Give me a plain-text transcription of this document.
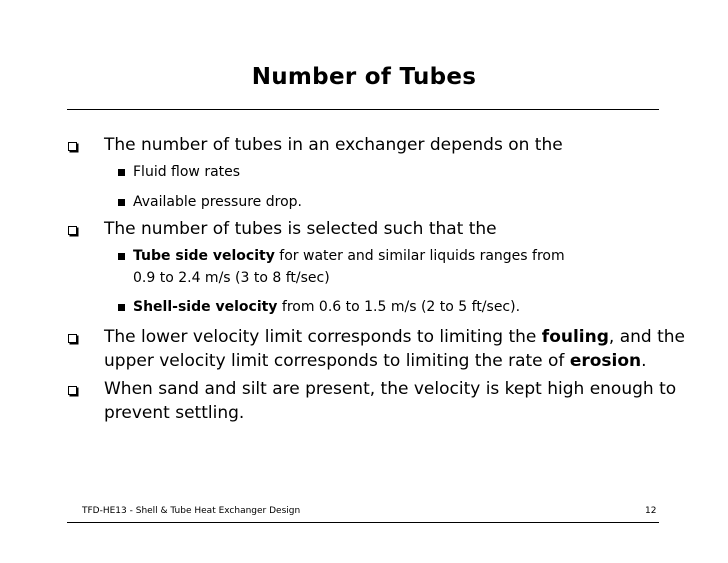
Number of Tubes
The number of tubes in an exchanger depends on the
Fluid flow rates
Available pressure drop.
The number of tubes is selected such that the
Tube side velocity for water and similar liquids ranges from
0.9 to 2.4 m/s (3 to 8 ft/sec)
Shell-side velocity from 0.6 to 1.5 m/s (2 to 5 ft/sec).
The lower velocity limit corresponds to limiting the fouling, and the
upper velocity limit corresponds to limiting the rate of erosion.
When sand and silt are present, the velocity is kept high enough to
prevent settling.
TFD-HE13 - Shell & Tube Heat Exchanger Design	12
